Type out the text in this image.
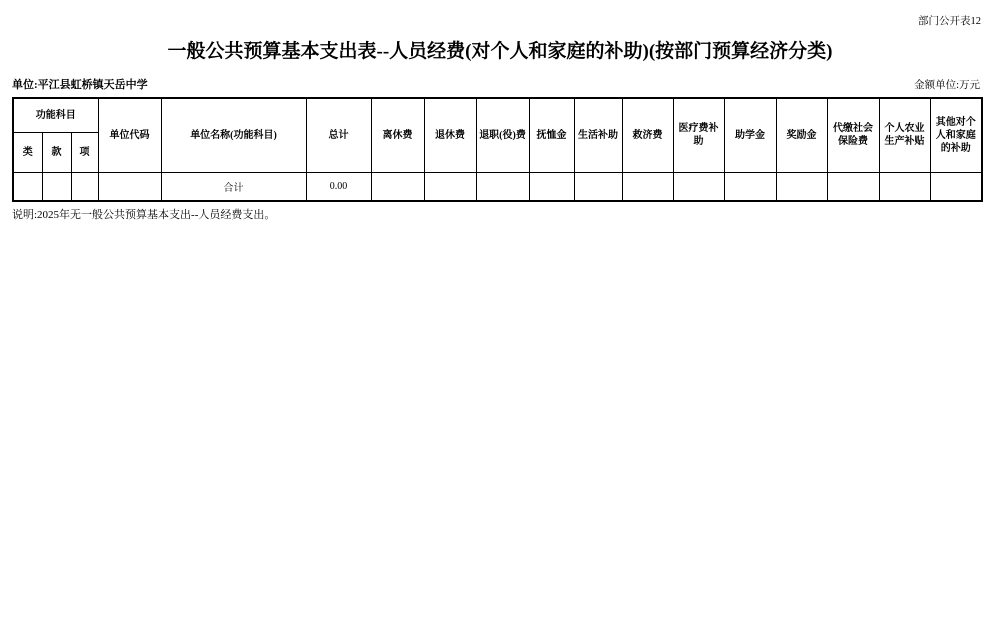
部门公开表12
一般公共预算基本支出表--人员经费(对个人和家庭的补助)(按部门预算经济分类)
单位:平江县虹桥镇天岳中学	金额单位:万元
功能科目			单位代码	单位名称(功能科目)	总计	离休费	退休费	退职(役)费	抚恤金	生活补助	救济费	医疗费补助	助学金	奖励金	代缴社会保险费	个人农业生产补贴	其他对个人和家庭的补助
类	款	项															
				合计	0.00												
说明:2025年无一般公共预算基本支出--人员经费支出。
